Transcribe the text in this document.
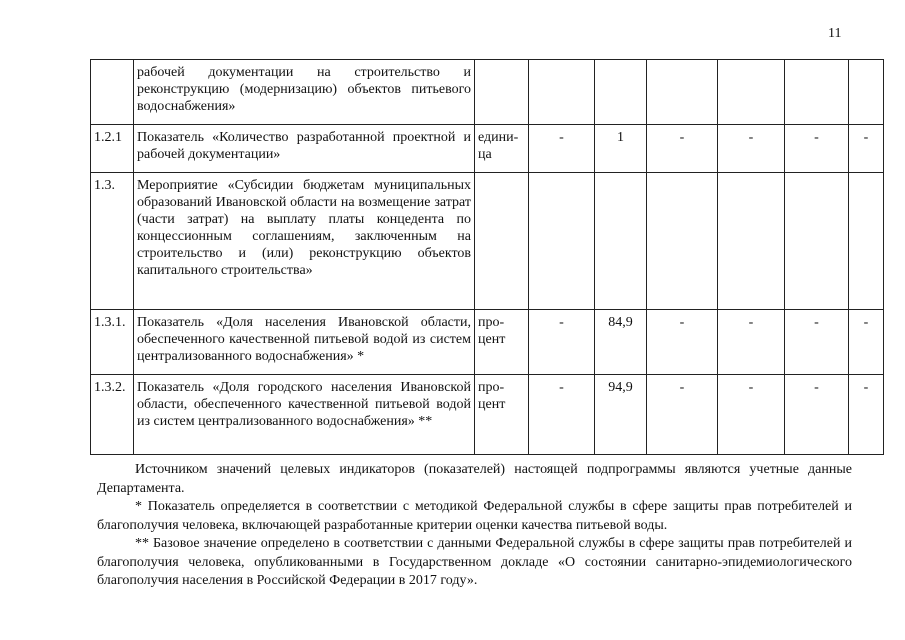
11
	рабочей документации на строительство и реконструкцию (модернизацию) объектов питьевого водоснабжения»							
1.2.1	Показатель «Количество разработанной проектной и рабочей документации»	едини-ца	-	1	-	-	-	-
1.3.	Мероприятие «Субсидии бюджетам муниципальных образований Ивановской области на возмещение затрат (части затрат) на выплату платы концедента по концессионным соглашениям, заключенным на строительство и (или) реконструкцию объектов капитального строительства»							
1.3.1.	Показатель «Доля населения Ивановской области, обеспеченного качественной питьевой водой из систем централизованного водоснабжения» *	про-цент	-	84,9	-	-	-	-
1.3.2.	Показатель «Доля городского населения Ивановской области, обеспеченного качественной питьевой водой из систем централизованного водоснабжения» **	про-цент	-	94,9	-	-	-	-

Источником значений целевых индикаторов (показателей) настоящей подпрограммы являются учетные данные Департамента.

* Показатель определяется в соответствии с методикой Федеральной службы в сфере защиты прав потребителей и благополучия человека, включающей разработанные критерии оценки качества питьевой воды.

** Базовое значение определено в соответствии с данными Федеральной службы в сфере защиты прав потребителей и благополучия человека, опубликованными в Государственном докладе «О состоянии санитарно-эпидемиологического благополучия населения в Российской Федерации в 2017 году».
